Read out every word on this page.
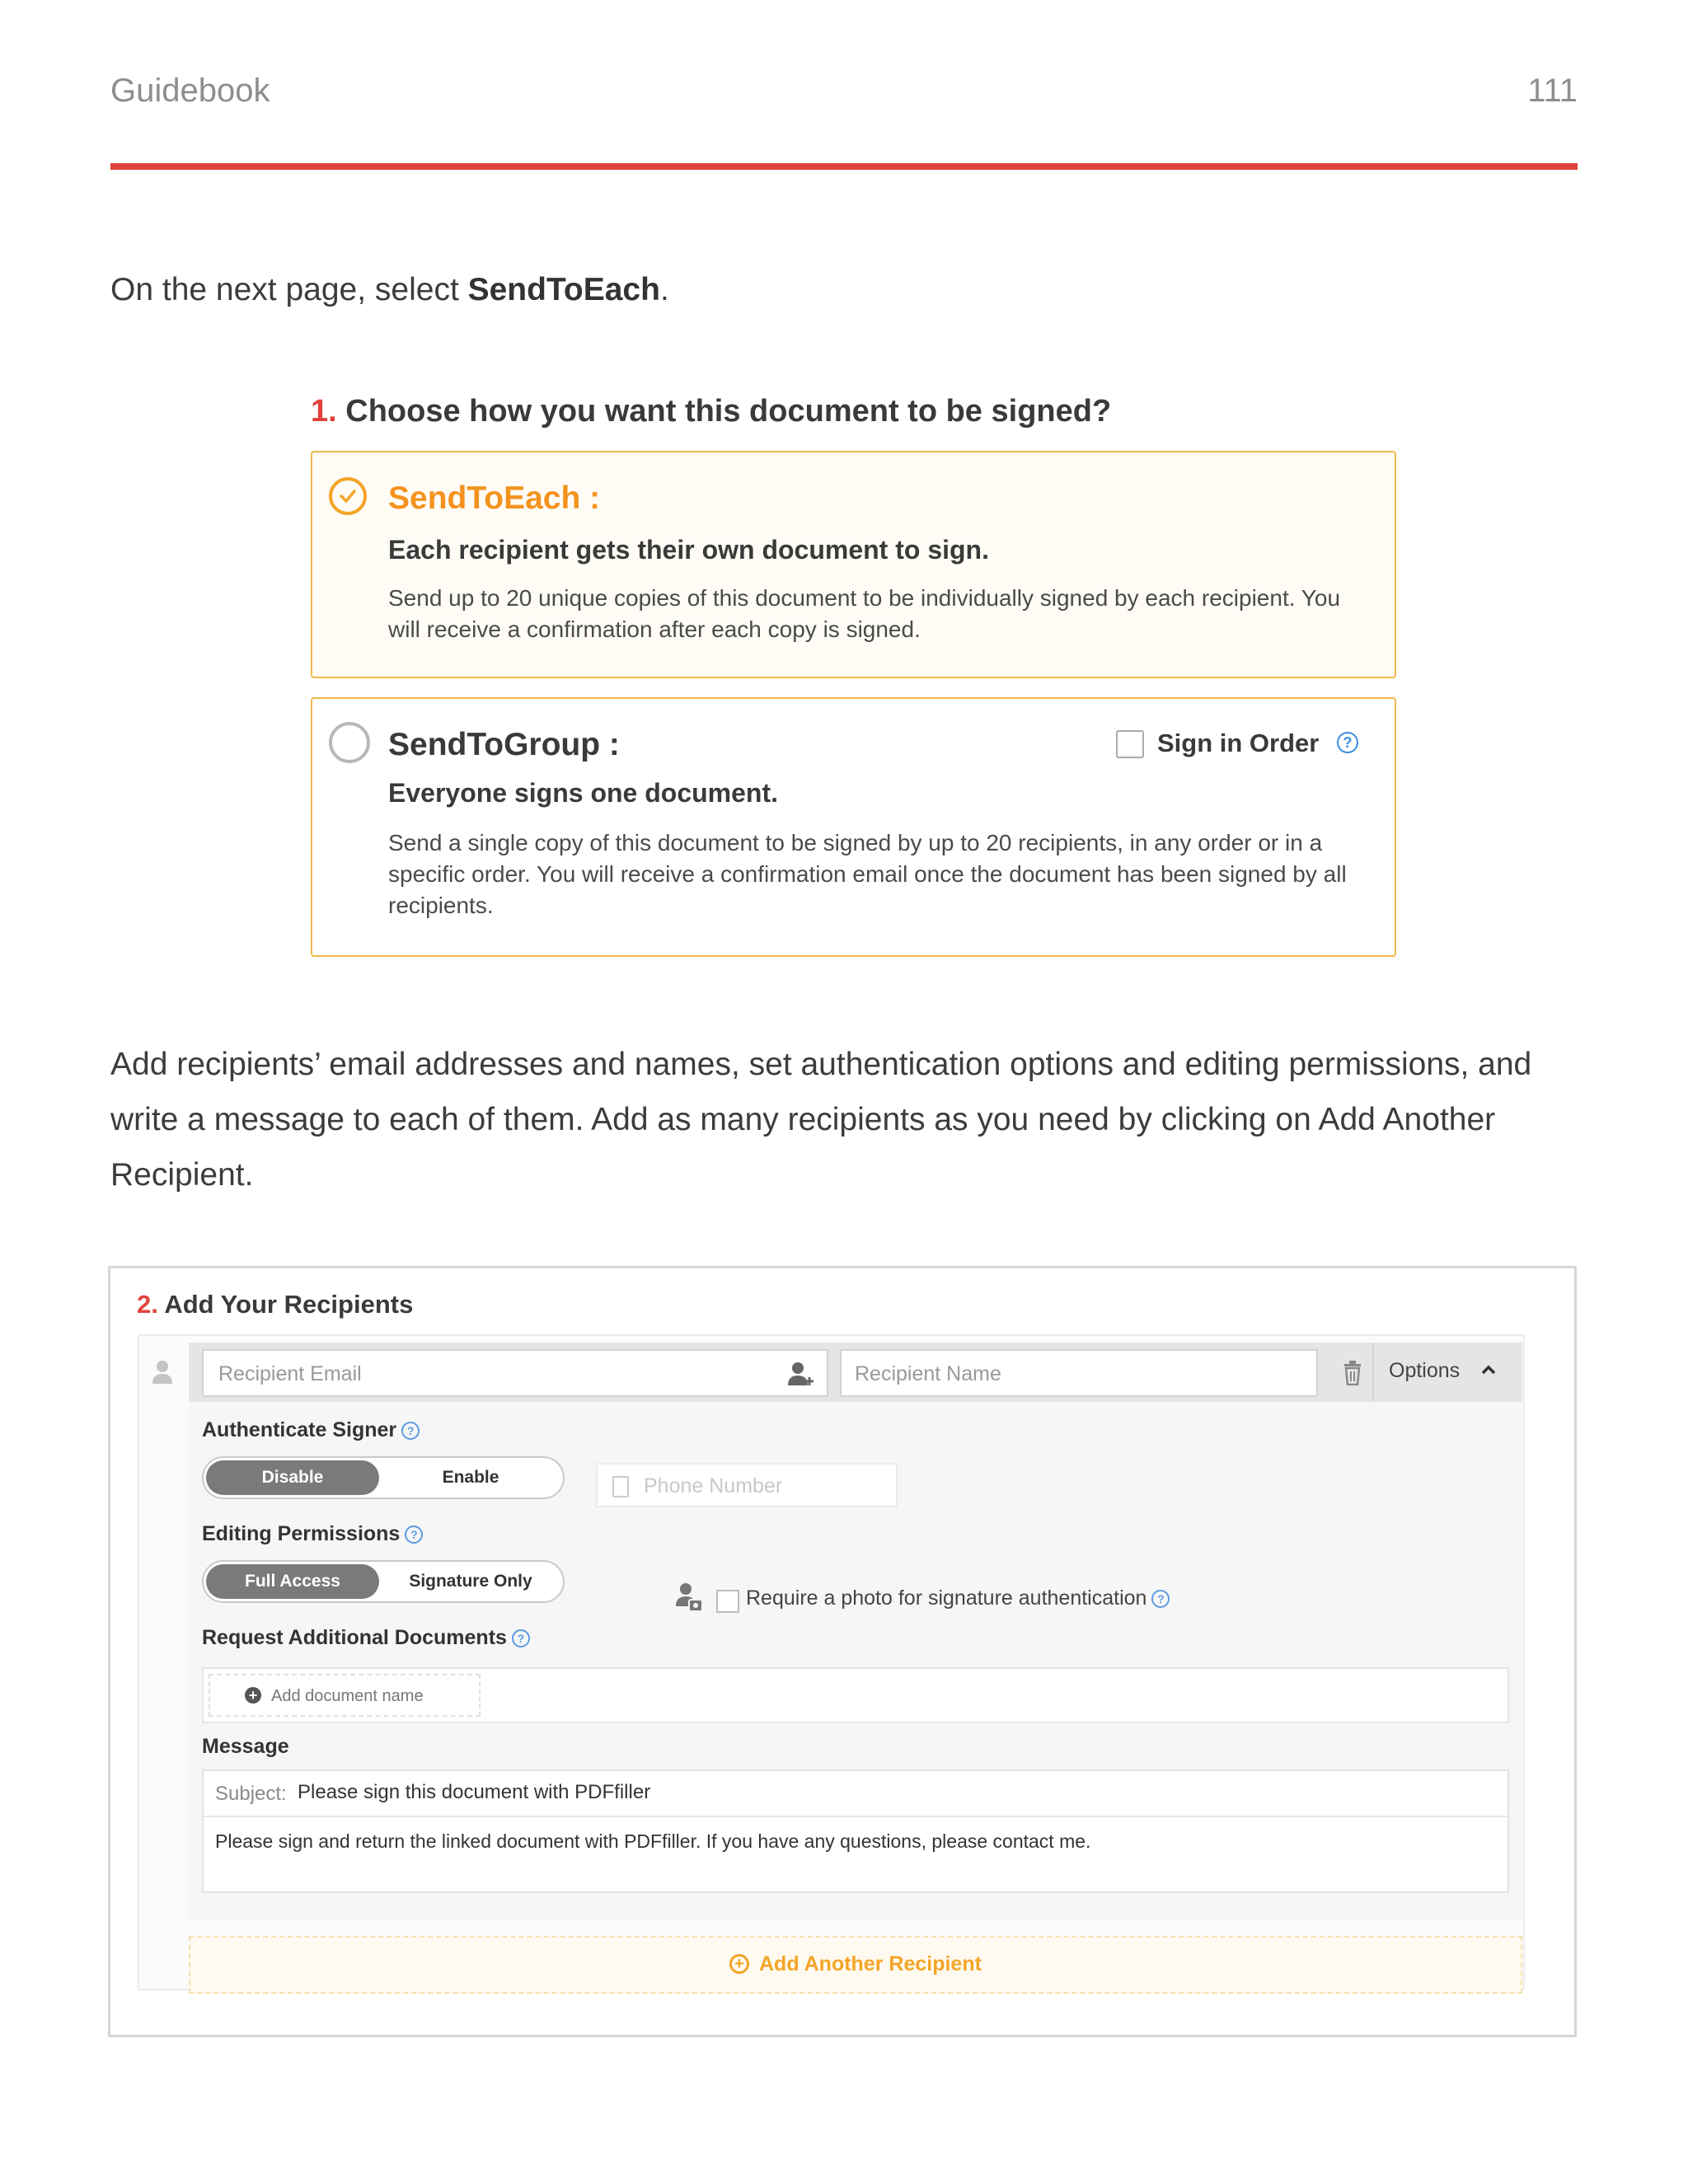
Guidebook	111
On the next page, select SendToEach.
1. Choose how you want this document to be signed?
SendToEach :
Each recipient gets their own document to sign.
Send up to 20 unique copies of this document to be individually signed by each recipient. You will receive a confirmation after each copy is signed.
SendToGroup :	Sign in Order	?
Everyone signs one document.
Send a single copy of this document to be signed by up to 20 recipients, in any order or in a specific order. You will receive a confirmation email once the document has been signed by all recipients.
Add recipients’ email addresses and names, set authentication options and editing permissions, and write a message to each of them. Add as many recipients as you need by clicking on Add Another Recipient.
2. Add Your Recipients
Recipient Email	Recipient Name	Options
Authenticate Signer ?
Disable	Enable	Phone Number
Editing Permissions ?
Full Access	Signature Only
Require a photo for signature authentication ?
Request Additional Documents ?
+ Add document name
Message
Subject: Please sign this document with PDFfiller
Please sign and return the linked document with PDFfiller. If you have any questions, please contact me.
+ Add Another Recipient
